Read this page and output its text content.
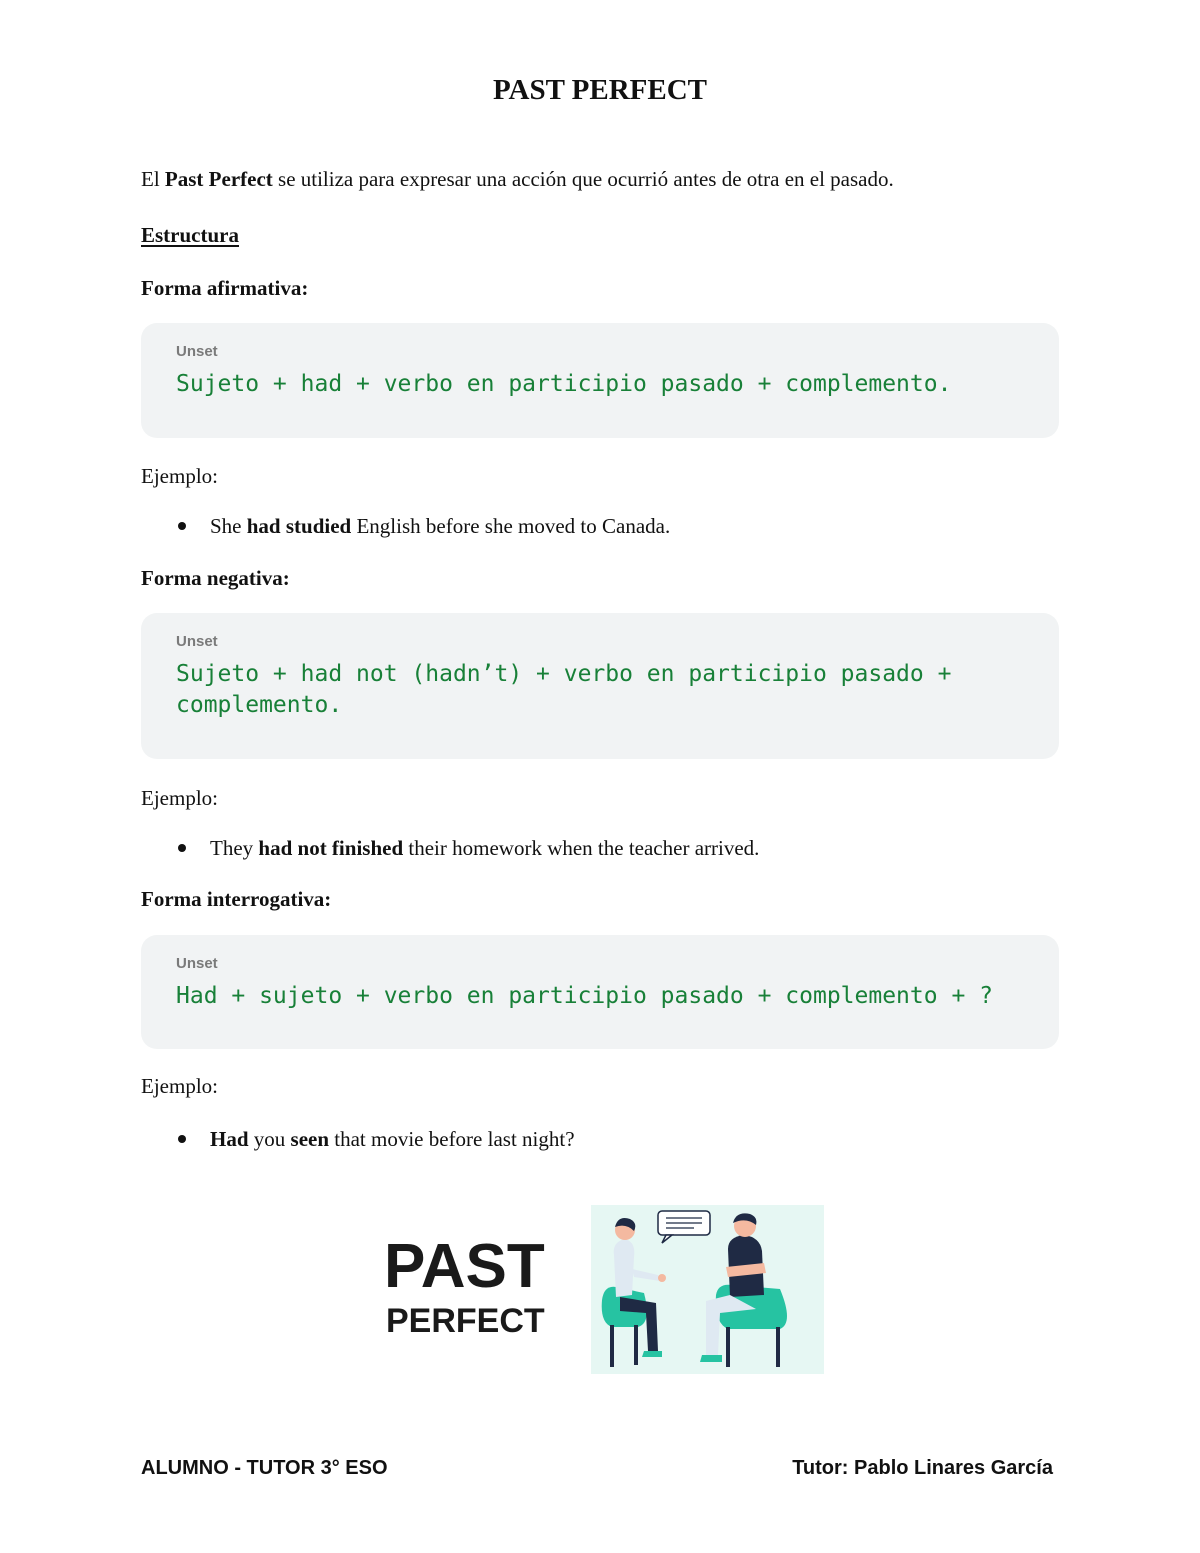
PAST PERFECT
El Past Perfect se utiliza para expresar una acción que ocurrió antes de otra en el pasado.
Estructura
Forma afirmativa:
Unset
Sujeto + had + verbo en participio pasado + complemento.
Ejemplo:
She had studied English before she moved to Canada.
Forma negativa:
Unset
Sujeto + had not (hadn’t) + verbo en participio pasado + complemento.
Ejemplo:
They had not finished their homework when the teacher arrived.
Forma interrogativa:
Unset
Had + sujeto + verbo en participio pasado + complemento + ?
Ejemplo:
Had you seen that movie before last night?
PAST
PERFECT
ALUMNO - TUTOR 3° ESO	Tutor: Pablo Linares García
